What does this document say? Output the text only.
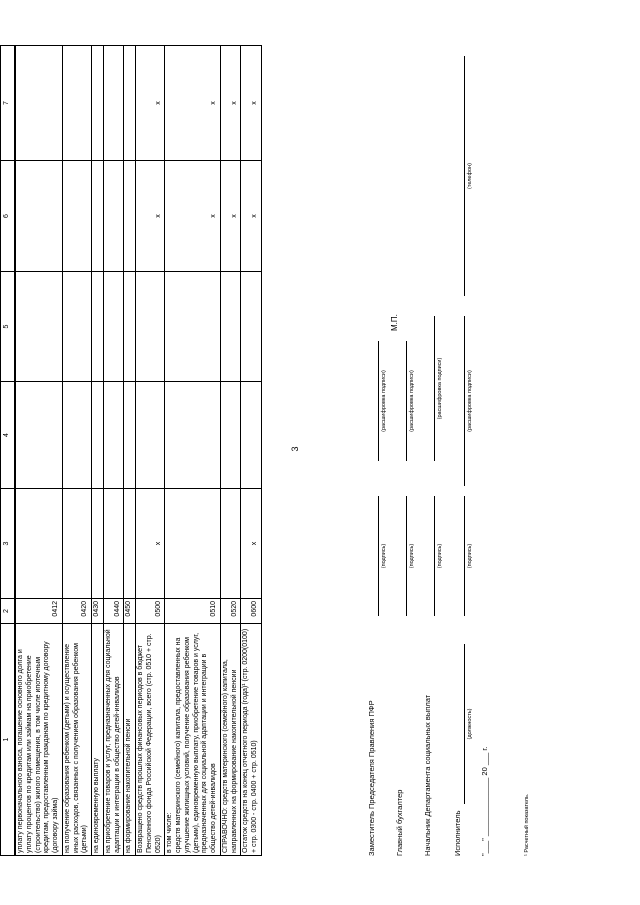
3
1	2	3	4	5	6	7
уплату первоначального взноса, погашение основного долга и уплату процентов по кредитам или займам на приобретение (строительство) жилого помещения, в том числе ипотечным кредитам, предоставленным гражданам по кредитному договору (договору займа)	0412					
на получение образования ребенком (детьми) и осуществление иных расходов, связанных с получением образования ребенком (детьми)	0420					
на единовременную выплату	0430					
на приобретение товаров и услуг, предназначенных для социальной адаптации и интеграции в общество детей-инвалидов	0440					
на формирование накопительной пенсии	0450					
Возвращено средств прошлых финансовых периодов в бюджет Пенсионного фонда Российской Федерации, всего (стр. 0510 + стр. 0520)	0500	x			x	x
в том числе:
средств материнского (семейного) капитала, предоставленных на улучшение жилищных условий, получение образования ребенком (детьми), единовременную выплату, приобретение товаров и услуг, предназначенных для социальной адаптации и интеграции в общество детей-инвалидов	0510				x	x
СПРАВОЧНО: средств материнского (семейного) капитала, направленных на формирование накопительной пенсии	0520				x	x
Остаток средств на конец отчетного периода (года)¹ (стр. 0200(0100) + стр. 0300 - стр. 0400 + стр. 0510)	0600	x			x	x
Заместитель Председателя Правления ПФР
(подпись)
(расшифровка подписи)
М.П.
Главный бухгалтер
(подпись)
(расшифровка подписи)
Начальник Департамента социальных выплат
(подпись)
(расшифровка подписи)
Исполнитель
(должность)
(подпись)
(расшифровка подписи)
(телефон)
"___" ______________ 20 ___ г.	¹ Расчетный показатель.
